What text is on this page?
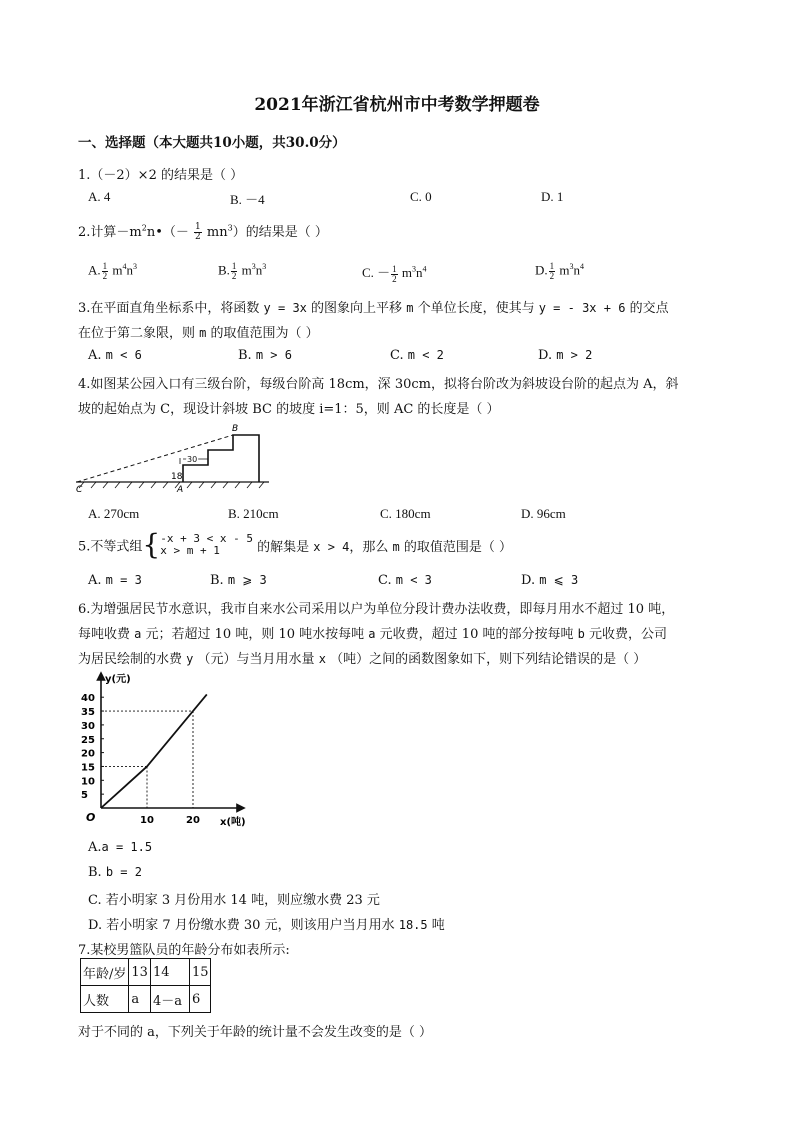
2021年浙江省杭州市中考数学押题卷
一、选择题（本大题共10小题，共30.0分）
1.（－2）×2 的结果是（ ）
A. 4	B. －4	C. 0	D. 1
2.计算$-m^2n•(- \frac{1}{2} mn^3)$的结果是（ ）
A. $\frac{1}{2} m^4n^3$	B. $\frac{1}{2} m^3n^3$	C. － $\frac{1}{2} m^3n^4$	D. $\frac{1}{2} m^3n^4$
3.在平面直角坐标系中，将函数 y = 3x 的图象向上平移 m 个单位长度，使其与 y = - 3x + 6 的交点
在位于第二象限，则 m 的取值范围为（ ）
A. m < 6	B. m > 6	C. m < 2	D. m > 2
4.如图某公园入口有三级台阶，每级台阶高 18cm，深 30cm，拟将台阶改为斜坡设台阶的起点为 A，斜
坡的起始点为 C，现设计斜坡 BC 的坡度 i=1：5，则 AC 的长度是（ ）
C	A
B
18
30
A. 270cm	B. 210cm	C. 180cm	D. 96cm
5.不等式组{-x + 3 < x - 5
x > m + 1	的解集是 x > 4，那么 m 的取值范围是（ ）
A. m = 3	B. m ⩾ 3	C. m < 3	D. m ⩽ 3
6.为增强居民节水意识，我市自来水公司采用以户为单位分段计费办法收费，即每月用水不超过 10 吨，
每吨收费 a 元；若超过 10 吨，则 10 吨水按每吨 a 元收费，超过 10 吨的部分按每吨 b 元收费，公司
为居民绘制的水费 y （元）与当月用水量 x （吨）之间的函数图象如下，则下列结论错误的是（ ）
y(元)
x(吨)
O
40
35
30
25
20
15
10
5
10	20
A.a = 1.5
B. b = 2
C. 若小明家 3 月份用水 14 吨，则应缴水费 23 元
D. 若小明家 7 月份缴水费 30 元，则该用户当月用水 18.5 吨
7.某校男篮队员的年龄分布如表所示:
年龄/岁	13	14	15
人数	a	4－a	6
对于不同的 a，下列关于年龄的统计量不会发生改变的是（ ）
